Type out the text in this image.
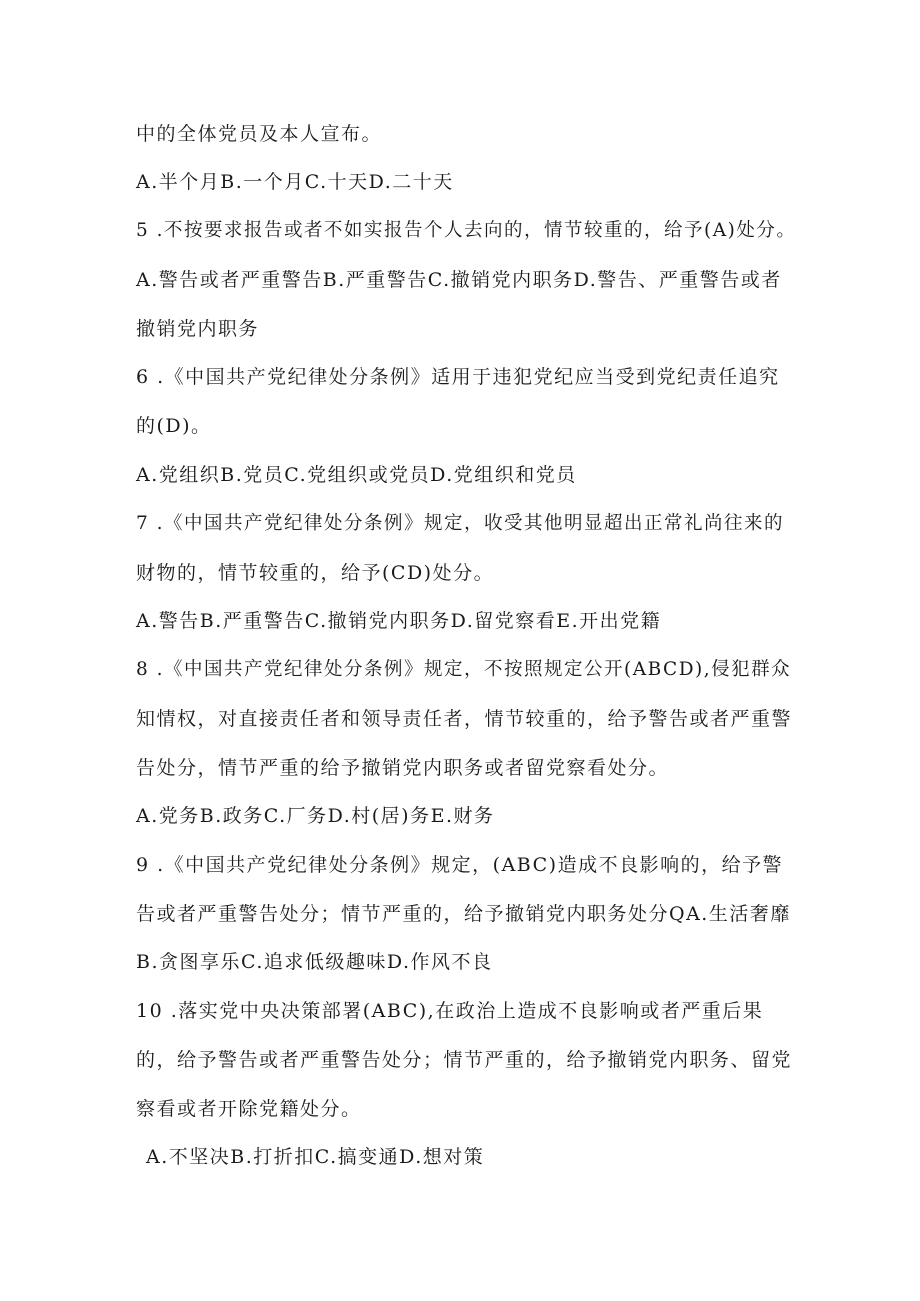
中的全体党员及本人宣布。
A.半个月B.一个月C.十天D.二十天
5 .不按要求报告或者不如实报告个人去向的，情节较重的，给予(A)处分。
A.警告或者严重警告B.严重警告C.撤销党内职务D.警告、严重警告或者
撤销党内职务
6 .《中国共产党纪律处分条例》适用于违犯党纪应当受到党纪责任追究
的(D)。
A.党组织B.党员C.党组织或党员D.党组织和党员
7 .《中国共产党纪律处分条例》规定，收受其他明显超出正常礼尚往来的
财物的，情节较重的，给予(CD)处分。
A.警告B.严重警告C.撤销党内职务D.留党察看E.开出党籍
8 .《中国共产党纪律处分条例》规定，不按照规定公开(ABCD),侵犯群众
知情权，对直接责任者和领导责任者，情节较重的，给予警告或者严重警
告处分，情节严重的给予撤销党内职务或者留党察看处分。
A.党务B.政务C.厂务D.村(居)务E.财务
9 .《中国共产党纪律处分条例》规定，(ABC)造成不良影响的，给予警
告或者严重警告处分；情节严重的，给予撤销党内职务处分QA.生活奢靡
B.贪图享乐C.追求低级趣味D.作风不良
10 .落实党中央决策部署(ABC),在政治上造成不良影响或者严重后果
的，给予警告或者严重警告处分；情节严重的，给予撤销党内职务、留党
察看或者开除党籍处分。
A.不坚决B.打折扣C.搞变通D.想对策
